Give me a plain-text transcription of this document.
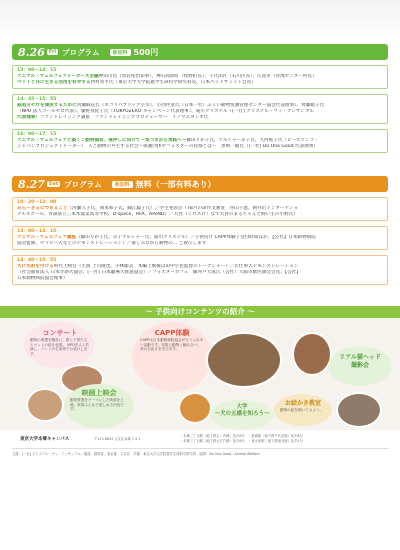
8.26 Fri プログラム	参加料 500円
13：00～14：15
アニマル・ウェルフェアリーダーズ会議神田川昌（黒岩祐治知事）、神石高原町（牧野町長）、千代田区（石川区長）、広島市（管理センター所長）
ペットと共に生きる活用を科学する西村亮平氏（東京大学大学院農学生命科学研究科長、日本ペットサミット会長）
14：35～15：55
殺処分ゼロを達成するために河瀬麻花氏（ネコリパブリック主宰）、小西伴彦氏（日本一社）ふくい動物愛護管理センター協会代表理事）、齊藤聡子氏
（NPO 法人ゴールゼロ代表）、藤野真紀子氏（TOKYOZERO キャンペーン代表理事）、滝川クリステル（[一社] クリステル・ヴィ・アンサンブル
代表理事）ファンドレイジング講座　ファンドレイジングプロデューサー　イノウエヨシオ氏
16：00～17：15
アニマル・ウェルフェアと築くこ動物福祉、後押しに向けて～気づきから実践へ～藤田りか子氏、アルシャー京子氏、大西純子氏（ピースワンコ・
ジャパンプロジェクトリーダー）　人と動物の共生する社会～保護団体やフォスターの役割とは～　黒崎一敏氏（[一社] Do One Good 代表理事）
8.27 Sat プログラム	参加料 無料（一部有料あり）
10：20～13：00
みらーきるにできること（河瀬久子氏、岡本和子氏、細江聡子氏）／学生発表会（78月の命作文審査　谷山千恵、朝井沢インターナショ
ナルスクール、青森県立三本木農業高等学校、D-space、RFA、APoND）／犬食（ミロスけ）なで犬食のまるちゃんと飼い主の小野氏）
13：00～14：15
アニマル・ウェルフェア講座（藤田りか子氏、京子アルシャー氏、滝川クリステル）／子供向け CAPP体験 / 受付時間ほか、【公社】日本動物病院
協会監修、セラピー犬などのデモンストレーション）／楽しみながら動物の… ご教示します
14：40～15：55
犬に名前を付ける時代上映会（主演 上川隆也、小林聡美　本編上映後は田中小包監督のトークショー）／お仕事犬デモンストレーション
（社会福祉法人 日本介助犬協会、[一社] 日本聴導犬推進協会）／フォスターカフェ　細井戸大成氏（公社）大阪市獣医師会会長、【公社】
日本動物病院協会理事）
～ 子供向けコンテンツの紹介 ～
コンサート
動物の保護を題材に、歌と子供たちとペットの絆を表現。 NPO法人と共演し、バンドの生演奏でお届けします。
CAPP体験
CAPPは日本動物病院協会が行うふれあい活動です。実際に動物と触れ合い、命の大切さを学びます。
映画上映会
動物愛護をテーマにした映画を上映。家族みんなで楽しめる内容です。	大学
～犬の五感を知ろう～
お絵かき教室
動物の絵を描いてみよう。
リアル猫ヘッド
撮影会
東京大学本郷キャンパス	〒113-8654 文京区本郷 7-3-1
・本郷三丁目駅（地下鉄丸ノ内線）徒歩8分　・根津駅（地下鉄千代田線）徒歩8分
・本郷三丁目駅（地下鉄大江戸線）徒歩6分　・東大前駅（地下鉄南北線）徒歩1分
主催：[一社] クリステル・ヴィ・アンサンブル／後援：環境省、東京都、文京区　共催：東京大学大学院農学生命科学研究科　協賛：Do One Good／Animal Welfare
